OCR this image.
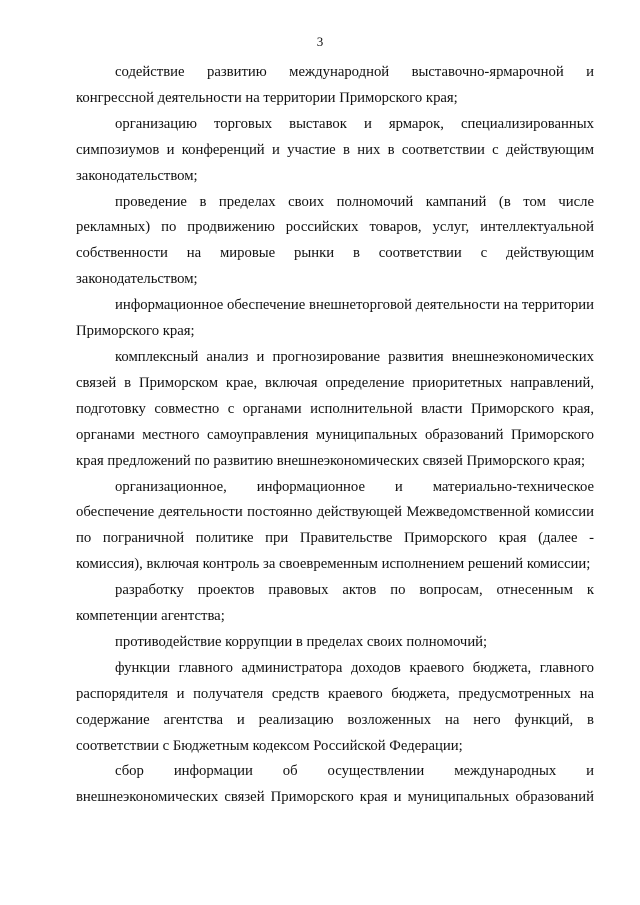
3

содействие развитию международной выставочно-ярмарочной и конгрессной деятельности на территории Приморского края;

организацию торговых выставок и ярмарок, специализированных симпозиумов и конференций и участие в них в соответствии с действующим законодательством;

проведение в пределах своих полномочий кампаний (в том числе рекламных) по продвижению российских товаров, услуг, интеллектуальной собственности на мировые рынки в соответствии с действующим законодательством;

информационное обеспечение внешнеторговой деятельности на территории Приморского края;

комплексный анализ и прогнозирование развития внешнеэкономических связей в Приморском крае, включая определение приоритетных направлений, подготовку совместно с органами исполнительной власти Приморского края, органами местного самоуправления муниципальных образований Приморского края предложений по развитию внешнеэкономических связей Приморского края;

организационное, информационное и материально-техническое обеспечение деятельности постоянно действующей Межведомственной комиссии по пограничной политике при Правительстве Приморского края (далее - комиссия), включая контроль за своевременным исполнением решений комиссии;

разработку проектов правовых актов по вопросам, отнесенным к компетенции агентства;

противодействие коррупции в пределах своих полномочий;

функции главного администратора доходов краевого бюджета, главного распорядителя и получателя средств краевого бюджета, предусмотренных на содержание агентства и реализацию возложенных на него функций, в соответствии с Бюджетным кодексом Российской Федерации;

сбор информации об осуществлении международных и внешнеэкономических связей Приморского края и муниципальных образований
